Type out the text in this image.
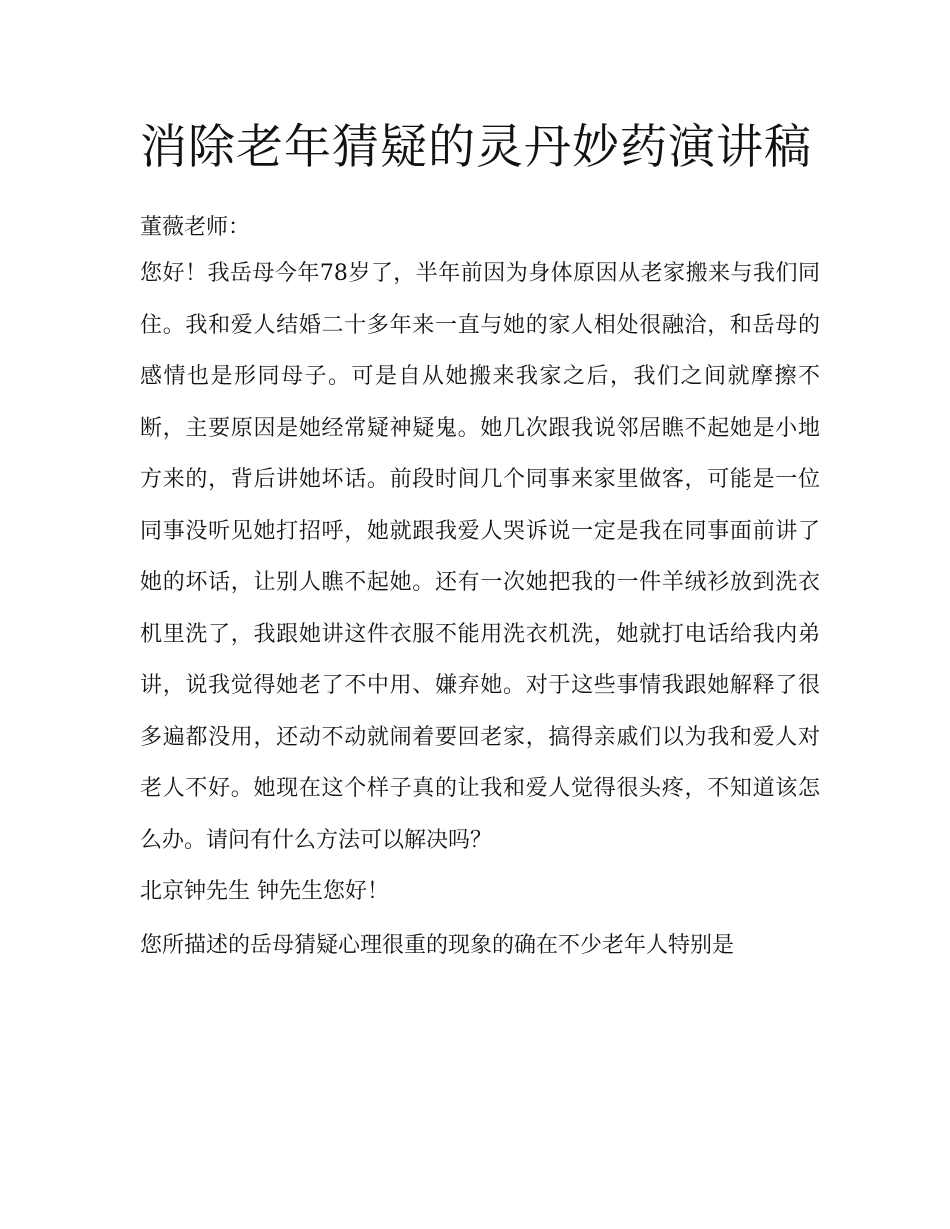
消除老年猜疑的灵丹妙药演讲稿

董薇老师：

您好！我岳母今年78岁了，半年前因为身体原因从老家搬来与我们同住。我和爱人结婚二十多年来一直与她的家人相处很融洽，和岳母的感情也是形同母子。可是自从她搬来我家之后，我们之间就摩擦不断，主要原因是她经常疑神疑鬼。她几次跟我说邻居瞧不起她是小地方来的，背后讲她坏话。前段时间几个同事来家里做客，可能是一位同事没听见她打招呼，她就跟我爱人哭诉说一定是我在同事面前讲了她的坏话，让别人瞧不起她。还有一次她把我的一件羊绒衫放到洗衣机里洗了，我跟她讲这件衣服不能用洗衣机洗，她就打电话给我内弟讲，说我觉得她老了不中用、嫌弃她。对于这些事情我跟她解释了很多遍都没用，还动不动就闹着要回老家，搞得亲戚们以为我和爱人对老人不好。她现在这个样子真的让我和爱人觉得很头疼，不知道该怎么办。请问有什么方法可以解决吗？

北京钟先生 钟先生您好！

您所描述的岳母猜疑心理很重的现象的确在不少老年人特别是
